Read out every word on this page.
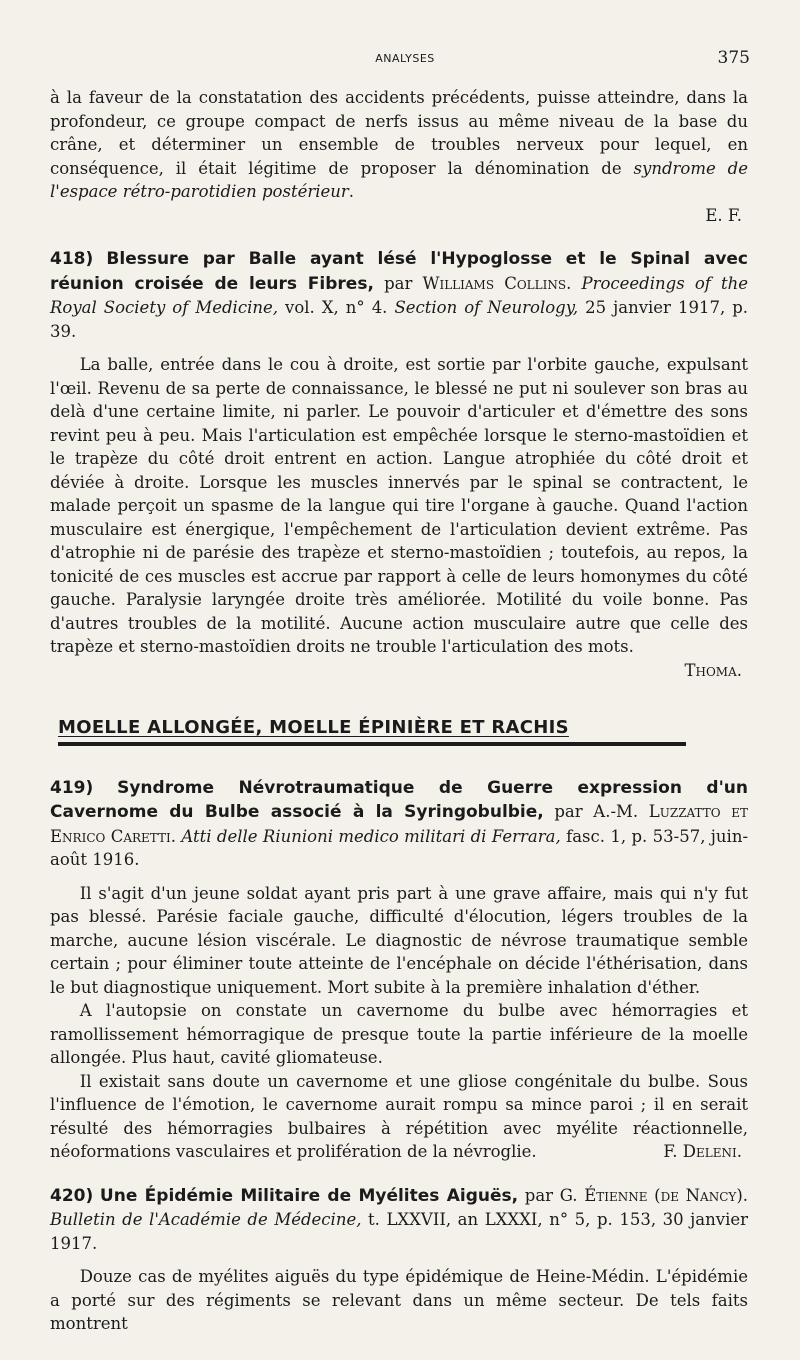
ANALYSES	375

à la faveur de la constatation des accidents précédents, puisse atteindre, dans la profondeur, ce groupe compact de nerfs issus au même niveau de la base du crâne, et déterminer un ensemble de troubles nerveux pour lequel, en conséquence, il était légitime de proposer la dénomination de syndrome de l'espace rétro-parotidien postérieur.

E. F.

418) Blessure par Balle ayant lésé l'Hypoglosse et le Spinal avec réunion croisée de leurs Fibres, par Williams Collins. Proceedings of the Royal Society of Medicine, vol. X, n° 4. Section of Neurology, 25 janvier 1917, p. 39.

La balle, entrée dans le cou à droite, est sortie par l'orbite gauche, expulsant l'œil. Revenu de sa perte de connaissance, le blessé ne put ni soulever son bras au delà d'une certaine limite, ni parler. Le pouvoir d'articuler et d'émettre des sons revint peu à peu. Mais l'articulation est empêchée lorsque le sterno-mastoïdien et le trapèze du côté droit entrent en action. Langue atrophiée du côté droit et déviée à droite. Lorsque les muscles innervés par le spinal se contractent, le malade perçoit un spasme de la langue qui tire l'organe à gauche. Quand l'action musculaire est énergique, l'empêchement de l'articulation devient extrême. Pas d'atrophie ni de parésie des trapèze et sterno-mastoïdien ; toutefois, au repos, la tonicité de ces muscles est accrue par rapport à celle de leurs homonymes du côté gauche. Paralysie laryngée droite très améliorée. Motilité du voile bonne. Pas d'autres troubles de la motilité. Aucune action musculaire autre que celle des trapèze et sterno-mastoïdien droits ne trouble l'articulation des mots.

Thoma.

MOELLE ALLONGÉE, MOELLE ÉPINIÈRE ET RACHIS

419) Syndrome Névrotraumatique de Guerre expression d'un Cavernome du Bulbe associé à la Syringobulbie, par A.-M. Luzzatto et Enrico Caretti. Atti delle Riunioni medico militari di Ferrara, fasc. 1, p. 53-57, juin-août 1916.

Il s'agit d'un jeune soldat ayant pris part à une grave affaire, mais qui n'y fut pas blessé. Parésie faciale gauche, difficulté d'élocution, légers troubles de la marche, aucune lésion viscérale. Le diagnostic de névrose traumatique semble certain ; pour éliminer toute atteinte de l'encéphale on décide l'éthérisation, dans le but diagnostique uniquement. Mort subite à la première inhalation d'éther.

A l'autopsie on constate un cavernome du bulbe avec hémorragies et ramollissement hémorragique de presque toute la partie inférieure de la moelle allongée. Plus haut, cavité gliomateuse.

Il existait sans doute un cavernome et une gliose congénitale du bulbe. Sous l'influence de l'émotion, le cavernome aurait rompu sa mince paroi ; il en serait résulté des hémorragies bulbaires à répétition avec myélite réactionnelle, néoformations vasculaires et prolifération de la névroglie.	F. Deleni.

420) Une Épidémie Militaire de Myélites Aiguës, par G. Étienne (de Nancy). Bulletin de l'Académie de Médecine, t. LXXVII, an LXXXI, n° 5, p. 153, 30 janvier 1917.

Douze cas de myélites aiguës du type épidémique de Heine-Médin. L'épidémie a porté sur des régiments se relevant dans un même secteur. De tels faits montrent
